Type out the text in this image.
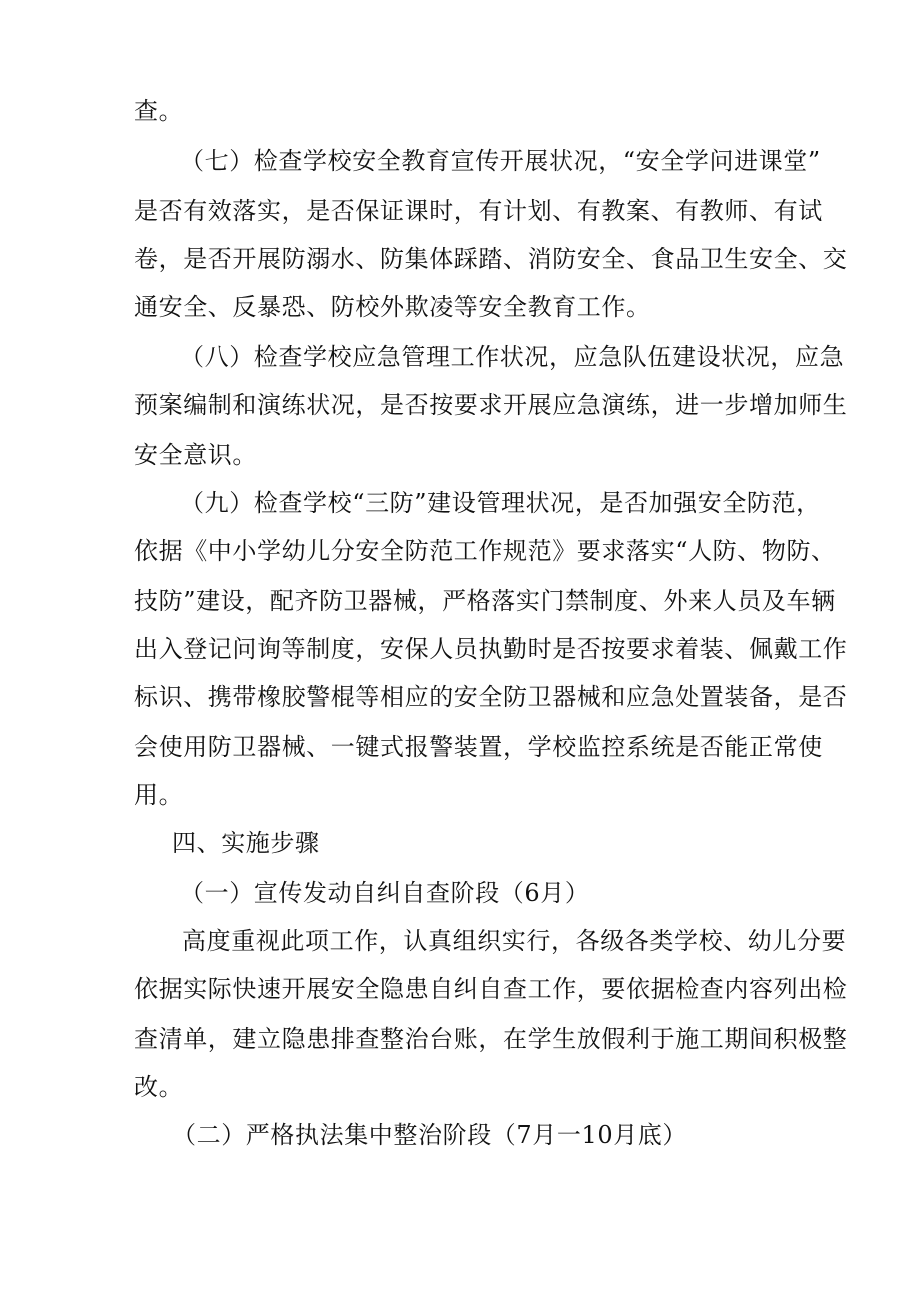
查。
（七）检查学校安全教育宣传开展状况，“安全学问进课堂”
是否有效落实，是否保证课时，有计划、有教案、有教师、有试
卷，是否开展防溺水、防集体踩踏、消防安全、食品卫生安全、交
通安全、反暴恐、防校外欺凌等安全教育工作。
（八）检查学校应急管理工作状况，应急队伍建设状况，应急
预案编制和演练状况，是否按要求开展应急演练，进一步增加师生
安全意识。
（九）检查学校“三防”建设管理状况，是否加强安全防范，
依据《中小学幼儿分安全防范工作规范》要求落实“人防、物防、
技防”建设，配齐防卫器械，严格落实门禁制度、外来人员及车辆
出入登记问询等制度，安保人员执勤时是否按要求着装、佩戴工作
标识、携带橡胶警棍等相应的安全防卫器械和应急处置装备，是否
会使用防卫器械、一键式报警装置，学校监控系统是否能正常使
用。
四、实施步骤
（一）宣传发动自纠自查阶段（6月）
高度重视此项工作，认真组织实行，各级各类学校、幼儿分要
依据实际快速开展安全隐患自纠自查工作，要依据检查内容列出检
查清单，建立隐患排查整治台账，在学生放假利于施工期间积极整
改。
（二）严格执法集中整治阶段（7月一10月底）
